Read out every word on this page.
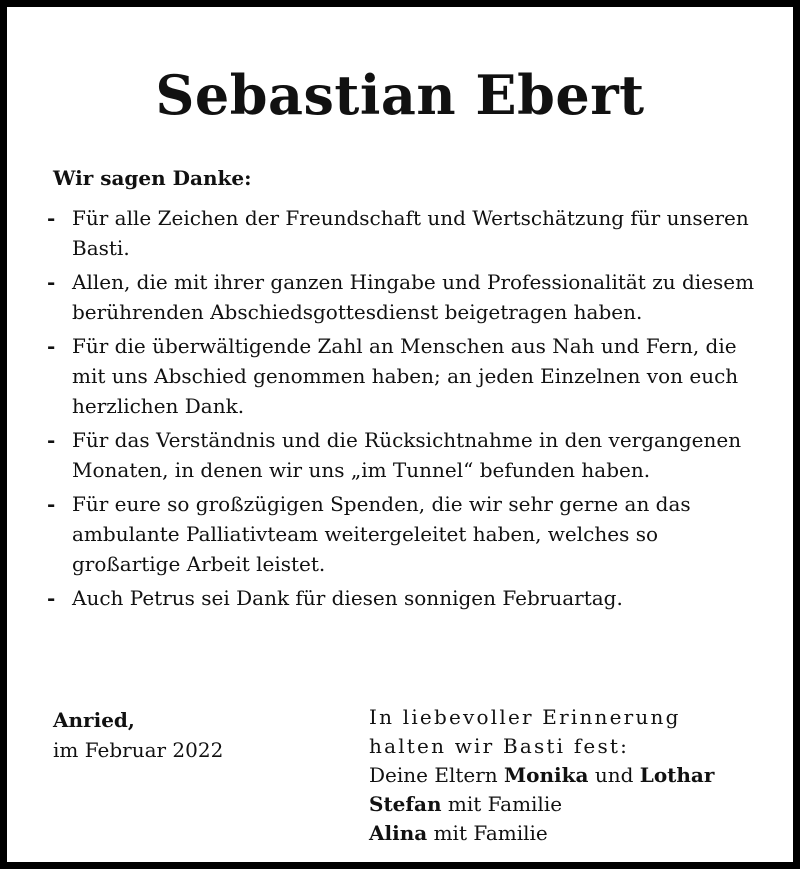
Sebastian Ebert
Wir sagen Danke:
- Für alle Zeichen der Freundschaft und Wertschätzung für unseren Basti.
- Allen, die mit ihrer ganzen Hingabe und Professionalität zu diesem berührenden Abschiedsgottesdienst beigetragen haben.
- Für die überwältigende Zahl an Menschen aus Nah und Fern, die mit uns Abschied genommen haben; an jeden Einzelnen von euch herzlichen Dank.
- Für das Verständnis und die Rücksichtnahme in den vergangenen Monaten, in denen wir uns „im Tunnel“ befunden haben.
- Für eure so großzügigen Spenden, die wir sehr gerne an das ambulante Palliativteam weitergeleitet haben, welches so großartige Arbeit leistet.
- Auch Petrus sei Dank für diesen sonnigen Februartag.
Anried,
im Februar 2022
In liebevoller Erinnerung
halten wir Basti fest:
Deine Eltern Monika und Lothar
Stefan mit Familie
Alina mit Familie
